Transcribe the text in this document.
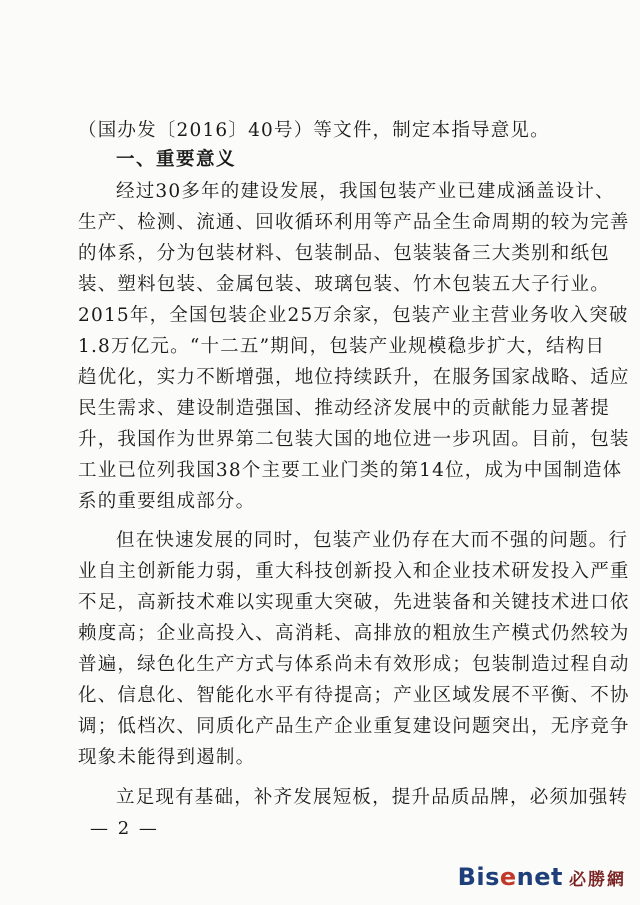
（国办发〔2016〕40号）等文件，制定本指导意见。
一、重要意义
经过30多年的建设发展，我国包装产业已建成涵盖设计、
生产、检测、流通、回收循环利用等产品全生命周期的较为完善
的体系，分为包装材料、包装制品、包装装备三大类别和纸包
装、塑料包装、金属包装、玻璃包装、竹木包装五大子行业。
2015年，全国包装企业25万余家，包装产业主营业务收入突破
1.8万亿元。“十二五”期间，包装产业规模稳步扩大，结构日
趋优化，实力不断增强，地位持续跃升，在服务国家战略、适应
民生需求、建设制造强国、推动经济发展中的贡献能力显著提
升，我国作为世界第二包装大国的地位进一步巩固。目前，包装
工业已位列我国38个主要工业门类的第14位，成为中国制造体
系的重要组成部分。
但在快速发展的同时，包装产业仍存在大而不强的问题。行
业自主创新能力弱，重大科技创新投入和企业技术研发投入严重
不足，高新技术难以实现重大突破，先进装备和关键技术进口依
赖度高；企业高投入、高消耗、高排放的粗放生产模式仍然较为
普遍，绿色化生产方式与体系尚未有效形成；包装制造过程自动
化、信息化、智能化水平有待提高；产业区域发展不平衡、不协
调；低档次、同质化产品生产企业重复建设问题突出，无序竞争
现象未能得到遏制。
立足现有基础，补齐发展短板，提升品质品牌，必须加强转
— 2 —
Bisenet 必勝網
